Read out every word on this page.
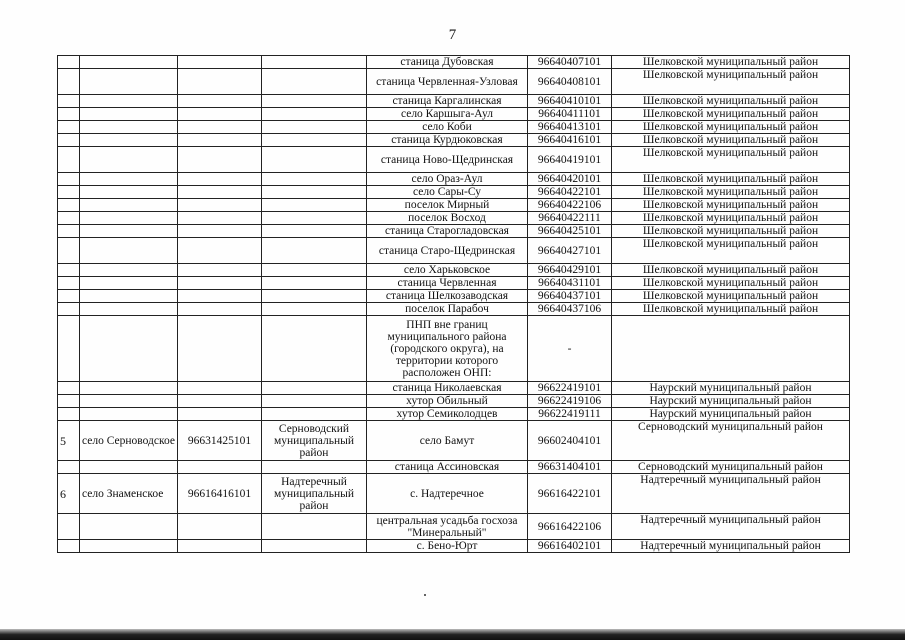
7
				станица Дубовская	96640407101	Шелковской муниципальный район
				станица Червленная-Узловая	96640408101	Шелковской муниципальный район
				станица Каргалинская	96640410101	Шелковской муниципальный район
				село Каршыга-Аул	96640411101	Шелковской муниципальный район
				село Коби	96640413101	Шелковской муниципальный район
				станица Курдюковская	96640416101	Шелковской муниципальный район
				станица Ново-Щедринская	96640419101	Шелковской муниципальный район
				село Ораз-Аул	96640420101	Шелковской муниципальный район
				село Сары-Су	96640422101	Шелковской муниципальный район
				поселок Мирный	96640422106	Шелковской муниципальный район
				поселок Восход	96640422111	Шелковской муниципальный район
				станица Старогладовская	96640425101	Шелковской муниципальный район
				станица Старо-Щедринская	96640427101	Шелковской муниципальный район
				село Харьковское	96640429101	Шелковской муниципальный район
				станица Червленная	96640431101	Шелковской муниципальный район
				станица Шелкозаводская	96640437101	Шелковской муниципальный район
				поселок Парабоч	96640437106	Шелковской муниципальный район
				ПНП вне границ муниципального района (городского округа), на территории которого расположен ОНП:	-	
				станица Николаевская	96622419101	Наурский муниципальный район
				хутор Обильный	96622419106	Наурский муниципальный район
				хутор Семиколодцев	96622419111	Наурский муниципальный район
5	село Серноводское	96631425101	Серноводский муниципальный район	село Бамут	96602404101	Серноводский муниципальный район
				станица Ассиновская	96631404101	Серноводский муниципальный район
6	село Знаменское	96616416101	Надтеречный муниципальный район	с. Надтеречное	96616422101	Надтеречный муниципальный район
				центральная усадьба госхоза "Минеральный"	96616422106	Надтеречный муниципальный район
				с. Бено-Юрт	96616402101	Надтеречный муниципальный район
